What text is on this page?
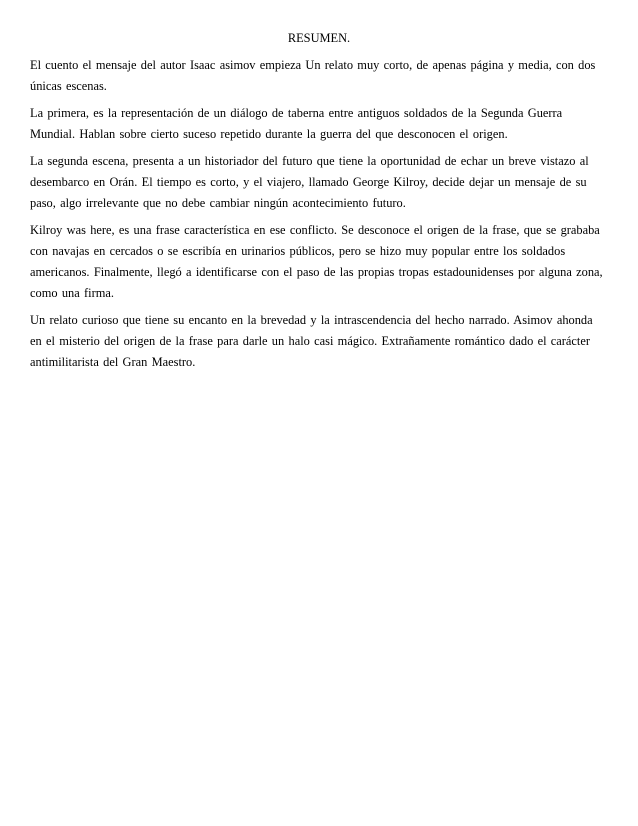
RESUMEN.

El cuento el mensaje del autor Isaac asimov empieza Un relato muy corto, de apenas página y media, con dos únicas escenas.

La primera, es la representación de un diálogo de taberna entre antiguos soldados de la Segunda Guerra Mundial. Hablan sobre cierto suceso repetido durante la guerra del que desconocen el origen.

La segunda escena, presenta a un historiador del futuro que tiene la oportunidad de echar un breve vistazo al desembarco en Orán. El tiempo es corto, y el viajero, llamado George Kilroy, decide dejar un mensaje de su paso, algo irrelevante que no debe cambiar ningún acontecimiento futuro.

Kilroy was here, es una frase característica en ese conflicto. Se desconoce el origen de la frase, que se grababa con navajas en cercados o se escribía en urinarios públicos, pero se hizo muy popular entre los soldados americanos. Finalmente, llegó a identificarse con el paso de las propias tropas estadounidenses por alguna zona, como una firma.

Un relato curioso que tiene su encanto en la brevedad y la intrascendencia del hecho narrado. Asimov ahonda en el misterio del origen de la frase para darle un halo casi mágico. Extrañamente romántico dado el carácter antimilitarista del Gran Maestro.
